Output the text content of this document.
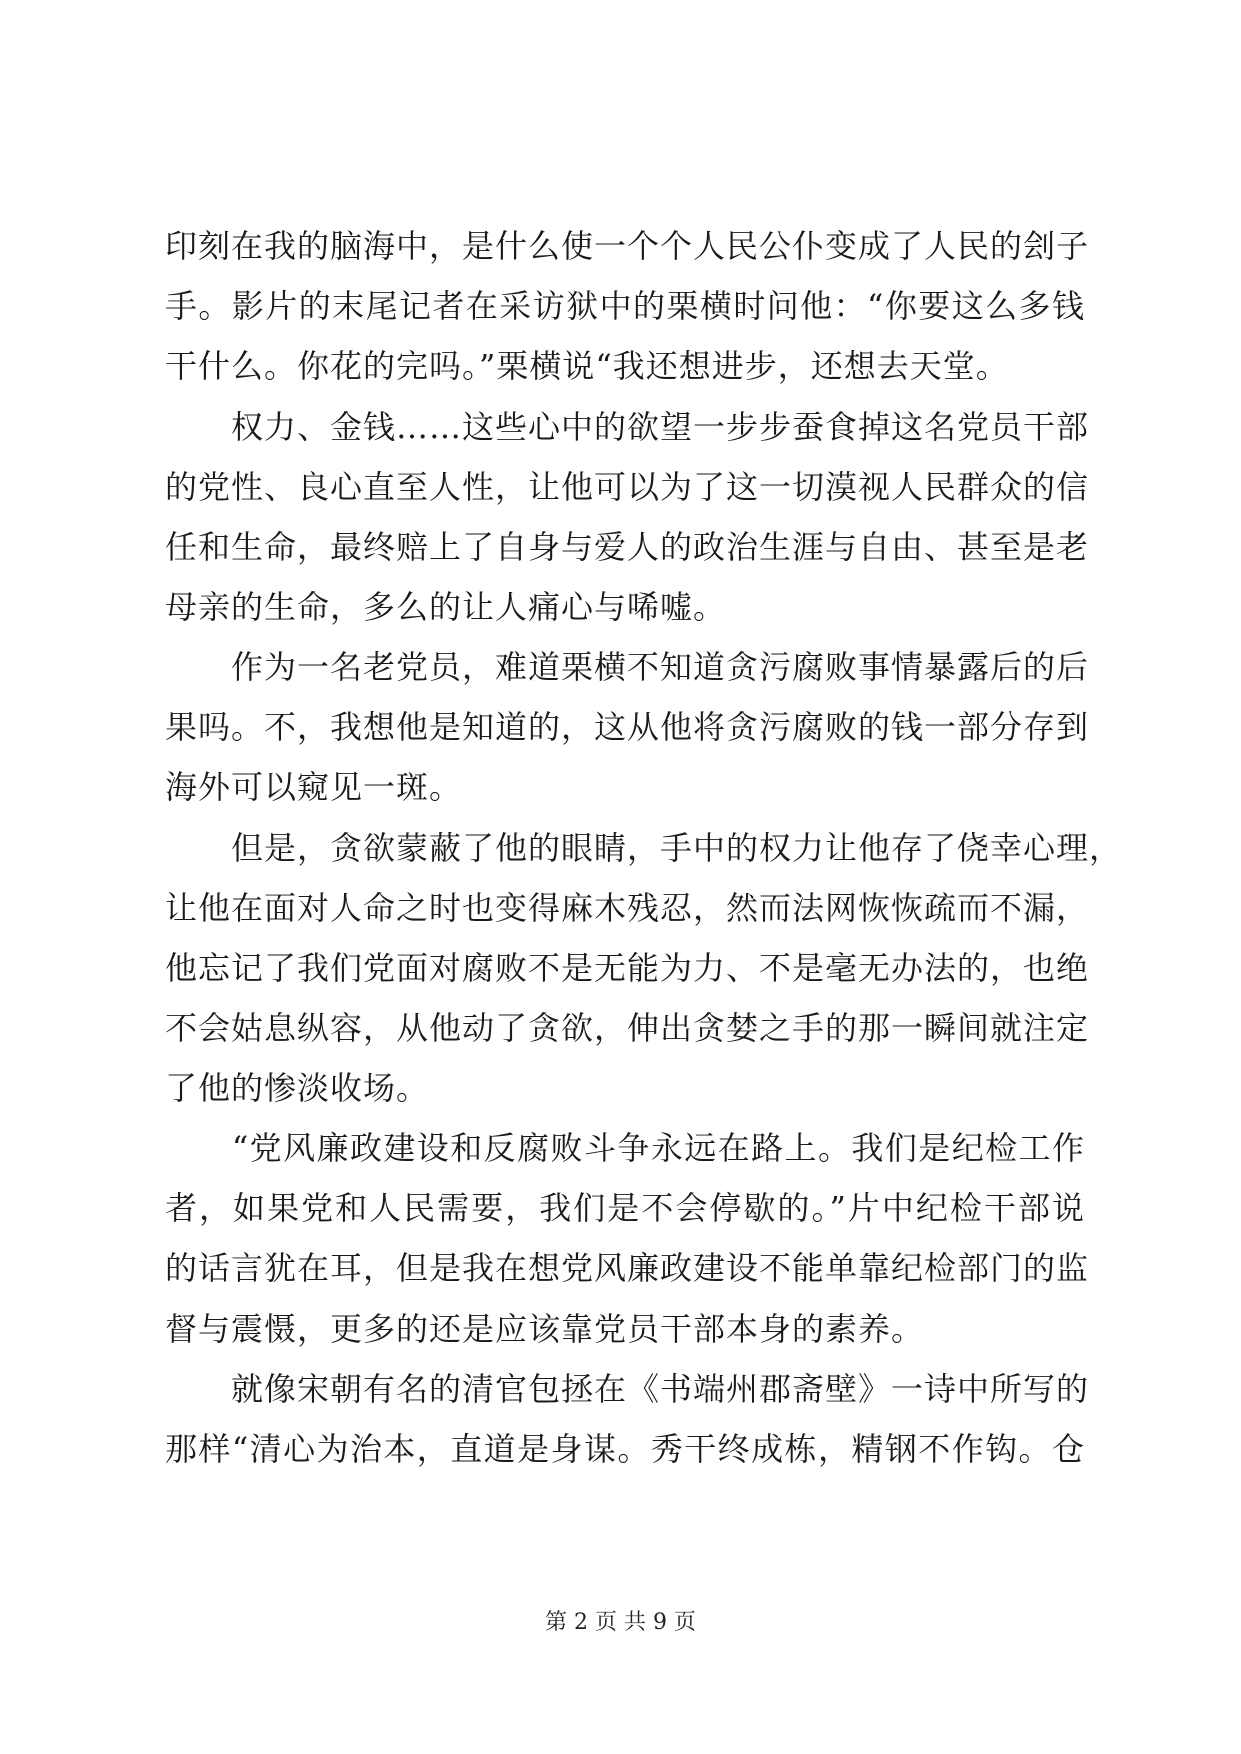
印刻在我的脑海中，是什么使一个个人民公仆变成了人民的刽子
手。影片的末尾记者在采访狱中的栗横时问他：“你要这么多钱
干什么。你花的完吗。”栗横说“我还想进步，还想去天堂。
　　权力、金钱……这些心中的欲望一步步蚕食掉这名党员干部
的党性、良心直至人性，让他可以为了这一切漠视人民群众的信
任和生命，最终赔上了自身与爱人的政治生涯与自由、甚至是老
母亲的生命，多么的让人痛心与唏嘘。
　　作为一名老党员，难道栗横不知道贪污腐败事情暴露后的后
果吗。不，我想他是知道的，这从他将贪污腐败的钱一部分存到
海外可以窥见一斑。
　　但是，贪欲蒙蔽了他的眼睛，手中的权力让他存了侥幸心理，
让他在面对人命之时也变得麻木残忍，然而法网恢恢疏而不漏，
他忘记了我们党面对腐败不是无能为力、不是毫无办法的，也绝
不会姑息纵容，从他动了贪欲，伸出贪婪之手的那一瞬间就注定
了他的惨淡收场。
　　“党风廉政建设和反腐败斗争永远在路上。我们是纪检工作
者，如果党和人民需要，我们是不会停歇的。”片中纪检干部说
的话言犹在耳，但是我在想党风廉政建设不能单靠纪检部门的监
督与震慑，更多的还是应该靠党员干部本身的素养。
　　就像宋朝有名的清官包拯在《书端州郡斋壁》一诗中所写的
那样“清心为治本，直道是身谋。秀干终成栋，精钢不作钩。仓
第 2 页 共 9 页
